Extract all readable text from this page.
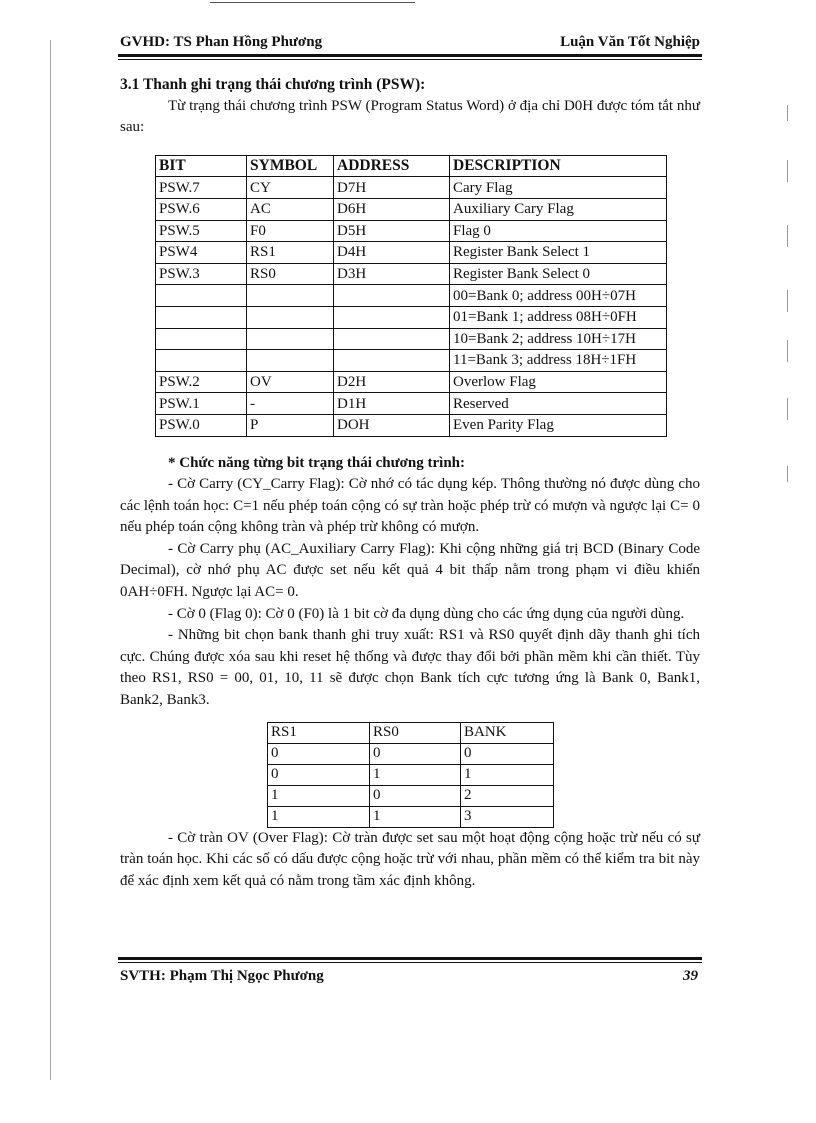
GVHD: TS Phan Hồng Phương	Luận Văn Tốt Nghiệp

3.1 Thanh ghi trạng thái chương trình (PSW):

Từ trạng thái chương trình PSW (Program Status Word) ở địa chỉ D0H được tóm tắt như sau:

BIT	SYMBOL	ADDRESS	DESCRIPTION
PSW.7	CY	D7H	Cary Flag
PSW.6	AC	D6H	Auxiliary Cary Flag
PSW.5	F0	D5H	Flag 0
PSW4	RS1	D4H	Register Bank Select 1
PSW.3	RS0	D3H	Register Bank Select 0
			00=Bank 0; address 00H÷07H
			01=Bank 1; address 08H÷0FH
			10=Bank 2; address 10H÷17H
			11=Bank 3; address 18H÷1FH
PSW.2	OV	D2H	Overlow Flag
PSW.1	-	D1H	Reserved
PSW.0	P	DOH	Even Parity Flag

* Chức năng từng bit trạng thái chương trình:

- Cờ Carry (CY_Carry Flag): Cờ nhớ có tác dụng kép. Thông thường nó được dùng cho các lệnh toán học: C=1 nếu phép toán cộng có sự tràn hoặc phép trừ có mượn và ngược lại C= 0 nếu phép toán cộng không tràn và phép trừ không có mượn.

- Cờ Carry phụ (AC_Auxiliary Carry Flag): Khi cộng những giá trị BCD (Binary Code Decimal), cờ nhớ phụ AC được set nếu kết quả 4 bit thấp nằm trong phạm vi điều khiển 0AH÷0FH. Ngược lại AC= 0.

- Cờ 0 (Flag 0): Cờ 0 (F0) là 1 bit cờ đa dụng dùng cho các ứng dụng của người dùng.

- Những bit chọn bank thanh ghi truy xuất: RS1 và RS0 quyết định dãy thanh ghi tích cực. Chúng được xóa sau khi reset hệ thống và được thay đổi bởi phần mềm khi cần thiết. Tùy theo RS1, RS0 = 00, 01, 10, 11 sẽ được chọn Bank tích cực tương ứng là Bank 0, Bank1, Bank2, Bank3.

RS1	RS0	BANK
0	0	0
0	1	1
1	0	2
1	1	3

- Cờ tràn OV (Over Flag): Cờ tràn được set sau một hoạt động cộng hoặc trừ nếu có sự tràn toán học. Khi các số có dấu được cộng hoặc trừ với nhau, phần mềm có thể kiểm tra bit này để xác định xem kết quả có nằm trong tầm xác định không.

SVTH: Phạm Thị Ngọc Phương	39
